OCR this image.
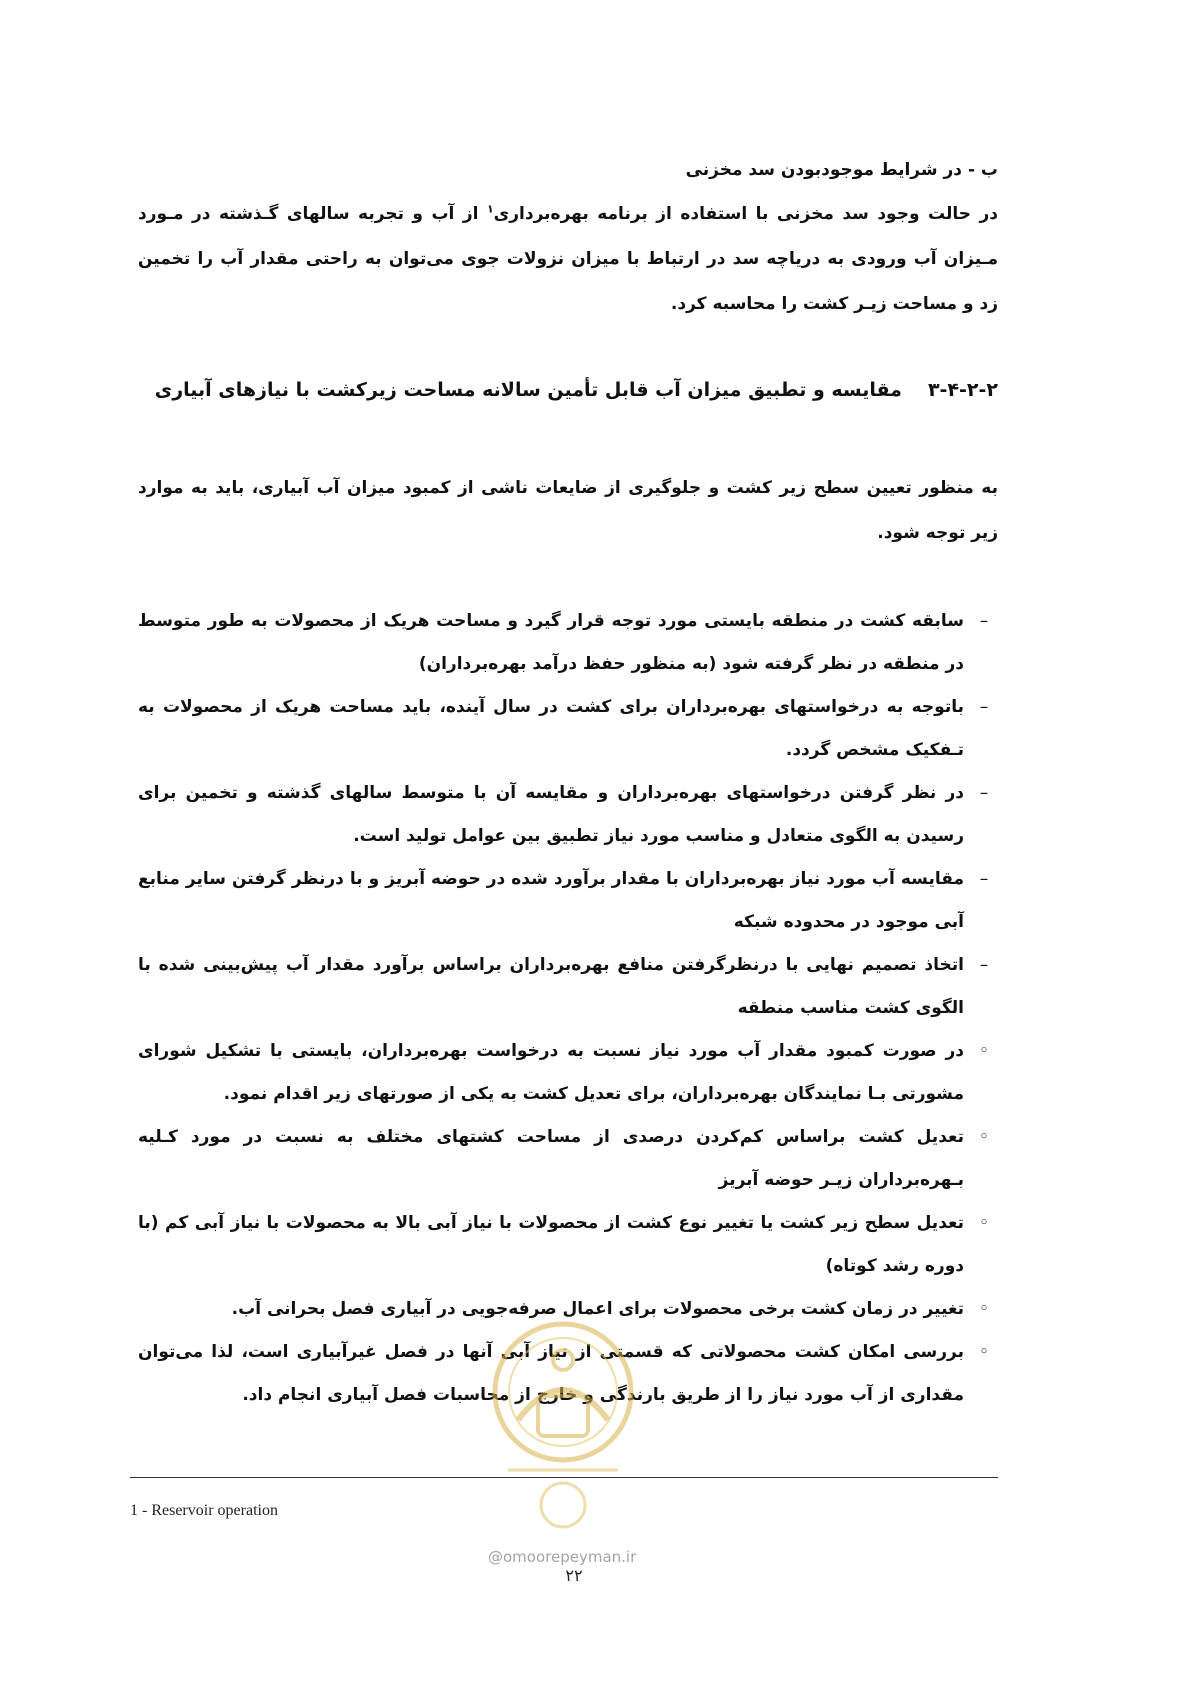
ب - در شرایط موجودبودن سد مخزنی
در حالت وجود سد مخزنی با استفاده از برنامه بهره‌برداری$^۱$ از آب و تجربه سالهای گـذشته در مـورد مـیزان آب ورودی به دریاچه سد در ارتباط با میزان نزولات جوی می‌توان به راحتی مقدار آب را تخمین زد و مساحت زیـر کشت را محاسبه کرد.
۳-۴-۲-۲مقایسه و تطبیق میزان آب قابل تأمین سالانه مساحت زیرکشت با نیازهای آبیاری
به منظور تعیین سطح زیر کشت و جلوگیری از ضایعات ناشی از کمبود میزان آب آبیاری، باید به موارد زیر توجه شود.
–
سابقه کشت در منطقه بایستی مورد توجه قرار گیرد و مساحت هریک از محصولات به طور متوسط در منطقه در نظر گرفته شود (به منظور حفظ درآمد بهره‌برداران)
–
باتوجه به درخواستهای بهره‌برداران برای کشت در سال آینده، باید مساحت هریک از محصولات به تـفکیک مشخص گردد.
–
در نظر گرفتن درخواستهای بهره‌برداران و مقایسه آن با متوسط سالهای گذشته و تخمین برای رسیدن به الگوی متعادل و مناسب مورد نیاز تطبیق بین عوامل تولید است.
–
مقایسه آب مورد نیاز بهره‌برداران با مقدار برآورد شده در حوضه آبریز و با درنظر گرفتن سایر منابع آبی موجود در محدوده شبکه
–
اتخاذ تصمیم نهایی با درنظرگرفتن منافع بهره‌برداران براساس برآورد مقدار آب پیش‌بینی شده با الگوی کشت مناسب منطقه
◦
در صورت کمبود مقدار آب مورد نیاز نسبت به درخواست بهره‌برداران، بایستی با تشکیل شورای مشورتی بـا نمایندگان بهره‌برداران، برای تعدیل کشت به یکی از صورتهای زیر اقدام نمود.
◦
تعدیل کشت براساس کم‌کردن درصدی از مساحت کشتهای مختلف به نسبت در مورد کـلیه بـهره‌برداران زیـر حوضه آبریز
◦
تعدیل سطح زیر کشت یا تغییر نوع کشت از محصولات با نیاز آبی بالا به محصولات با نیاز آبی کم (با دوره رشد کوتاه)
◦
تغییر در زمان کشت برخی محصولات برای اعمال صرفه‌جویی در آبیاری فصل بحرانی آب.
◦
بررسی امکان کشت محصولاتی که قسمتی از نیاز آبی آنها در فصل غیرآبیاری است، لذا می‌توان مقداری از آب مورد نیاز را از طریق بارندگی و خارج از محاسبات فصل آبیاری انجام داد.
1 - Reservoir operation
@omoorepeyman.ir
۲۲
